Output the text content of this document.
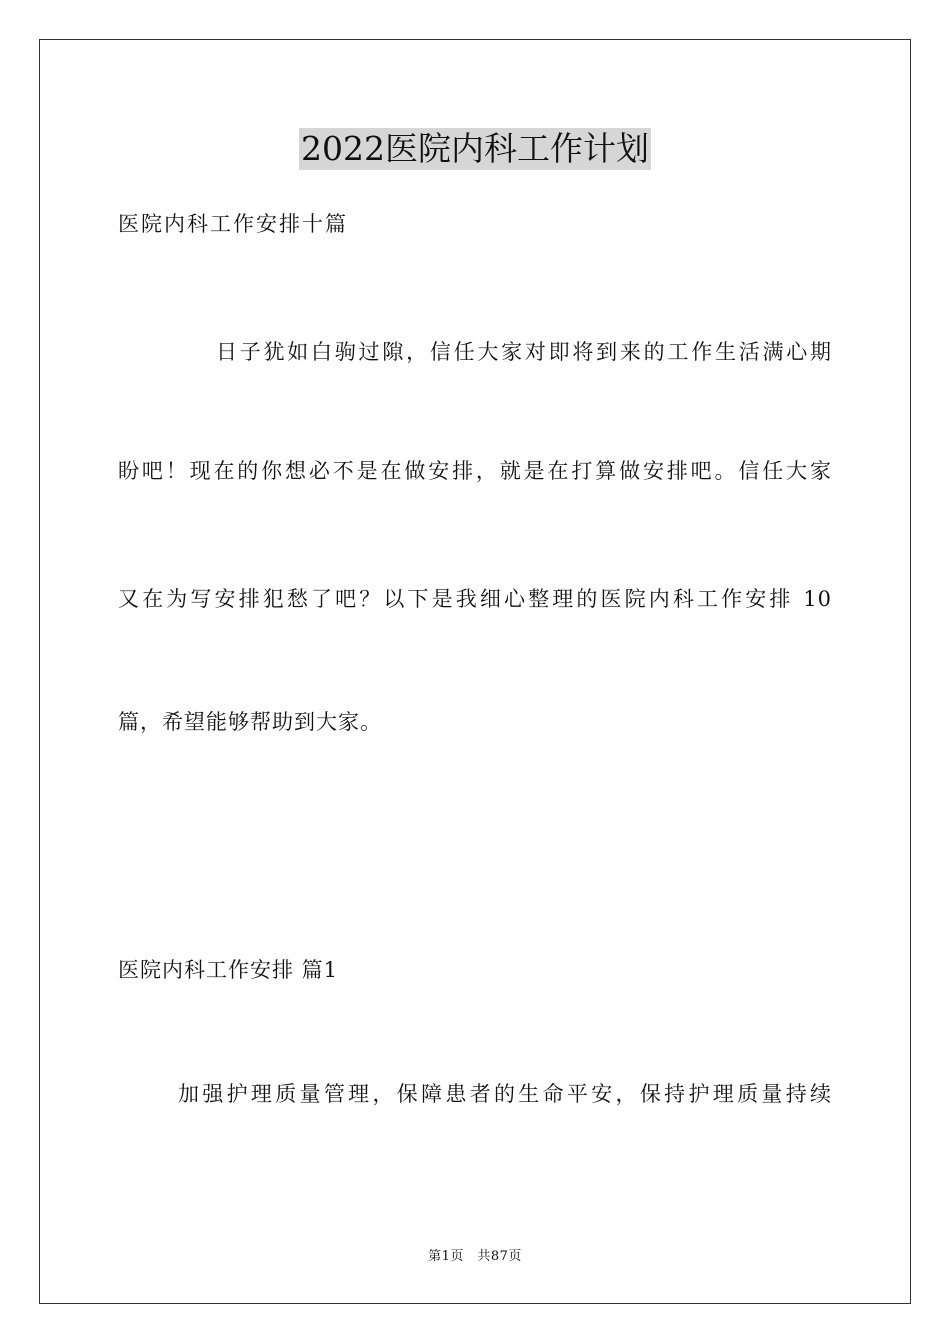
2022医院内科工作计划
医院内科工作安排十篇
日子犹如白驹过隙，信任大家对即将到来的工作生活满心期
盼吧！现在的你想必不是在做安排，就是在打算做安排吧。信任大家
又在为写安排犯愁了吧？以下是我细心整理的医院内科工作安排 10
篇，希望能够帮助到大家。
医院内科工作安排 篇1
加强护理质量管理，保障患者的生命平安，保持护理质量持续
第1页　共87页
